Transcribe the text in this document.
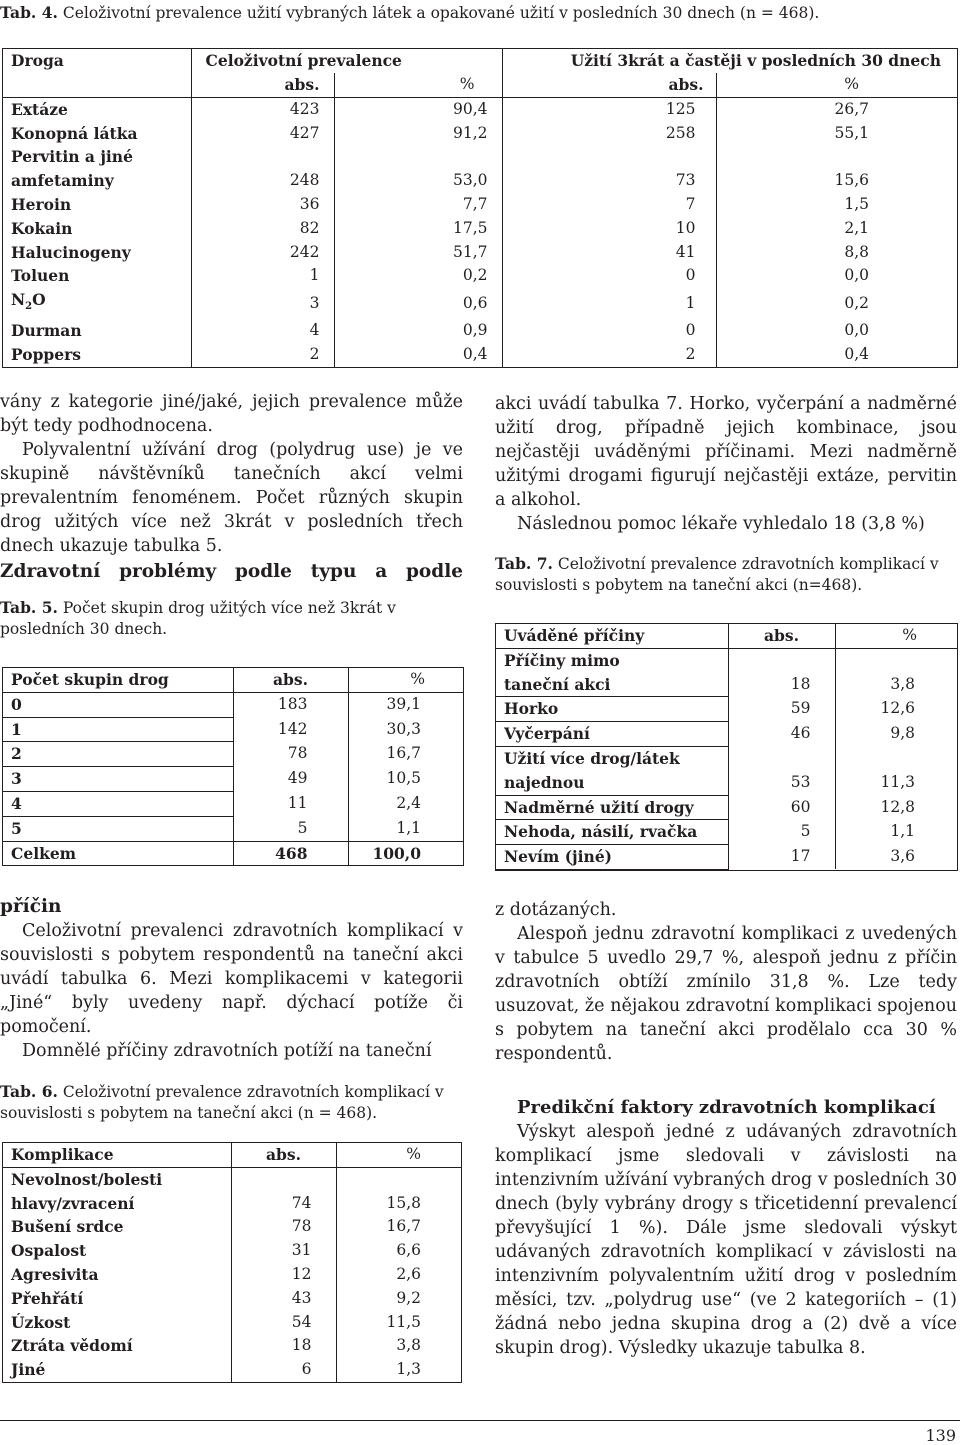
Tab. 4. Celoživotní prevalence užití vybraných látek a opakované užití v posledních 30 dnech (n = 468).
Droga	Celoživotní prevalence		Užití 3krát a častěji v posledních 30 dnech	
	abs.	%	abs.	%
Extáze	423	90,4	125	26,7
Konopná látka	427	91,2	258	55,1
Pervitin a jiné				
amfetaminy	248	53,0	73	15,6
Heroin	36	7,7	7	1,5
Kokain	82	17,5	10	2,1
Halucinogeny	242	51,7	41	8,8
Toluen	1	0,2	0	0,0
$N_2O$	3	0,6	1	0,2
Durman	4	0,9	0	0,0
Poppers	2	0,4	2	0,4

vány z kategorie jiné/jaké, jejich prevalence může být tedy podhodnocena.

Polyvalentní užívání drog (polydrug use) je ve skupině návštěvníků tanečních akcí velmi prevalentním fenoménem. Počet různých skupin drog užitých více než 3krát v posledních třech dnech ukazuje tabulka 5.

Zdravotní problémy podle typu a podle

Tab. 5. Počet skupin drog užitých více než 3krát v posledních 30 dnech.
Počet skupin drog	abs.	%
0	183	39,1
1	142	30,3
2	78	16,7
3	49	10,5
4	11	2,4
5	5	1,1
Celkem	468	100,0

akci uvádí tabulka 7. Horko, vyčerpání a nadměrné užití drog, případně jejich kombinace, jsou nejčastěji uváděnými příčinami. Mezi nadměrně užitými drogami figurují nejčastěji extáze, pervitin a alkohol.

Následnou pomoc lékaře vyhledalo 18 (3,8 %)

Tab. 7. Celoživotní prevalence zdravotních komplikací v souvislosti s pobytem na taneční akci (n=468).
Uváděné příčiny	abs.	%
Příčiny mimo		
taneční akci	18	3,8
Horko	59	12,6
Vyčerpání	46	9,8
Užití více drog/látek		
najednou	53	11,3
Nadměrné užití drogy	60	12,8
Nehoda, násilí, rvačka	5	1,1
Nevím (jiné)	17	3,6

příčin

Celoživotní prevalenci zdravotních komplikací v souvislosti s pobytem respondentů na taneční akci uvádí tabulka 6. Mezi komplikacemi v kategorii „Jiné“ byly uvedeny např. dýchací potíže či pomočení.

Domnělé příčiny zdravotních potíží na taneční

Tab. 6. Celoživotní prevalence zdravotních komplikací v souvislosti s pobytem na taneční akci (n = 468).
Komplikace	abs.	%
Nevolnost/bolesti		
hlavy/zvracení	74	15,8
Bušení srdce	78	16,7
Ospalost	31	6,6
Agresivita	12	2,6
Přehřátí	43	9,2
Úzkost	54	11,5
Ztráta vědomí	18	3,8
Jiné	6	1,3

z dotázaných.

Alespoň jednu zdravotní komplikaci z uvedených v tabulce 5 uvedlo 29,7 %, alespoň jednu z příčin zdravotních obtíží zmínilo 31,8 %. Lze tedy usuzovat, že nějakou zdravotní komplikaci spojenou s pobytem na taneční akci prodělalo cca 30 % respondentů.

Predikční faktory zdravotních komplikací

Výskyt alespoň jedné z udávaných zdravotních komplikací jsme sledovali v závislosti na intenzivním užívání vybraných drog v posledních 30 dnech (byly vybrány drogy s třicetidenní prevalencí převyšující 1 %). Dále jsme sledovali výskyt udávaných zdravotních komplikací v závislosti na intenzivním polyvalentním užití drog v posledním měsíci, tzv. „polydrug use“ (ve 2 kategoriích – (1) žádná nebo jedna skupina drog a (2) dvě a více skupin drog). Výsledky ukazuje tabulka 8.

139
